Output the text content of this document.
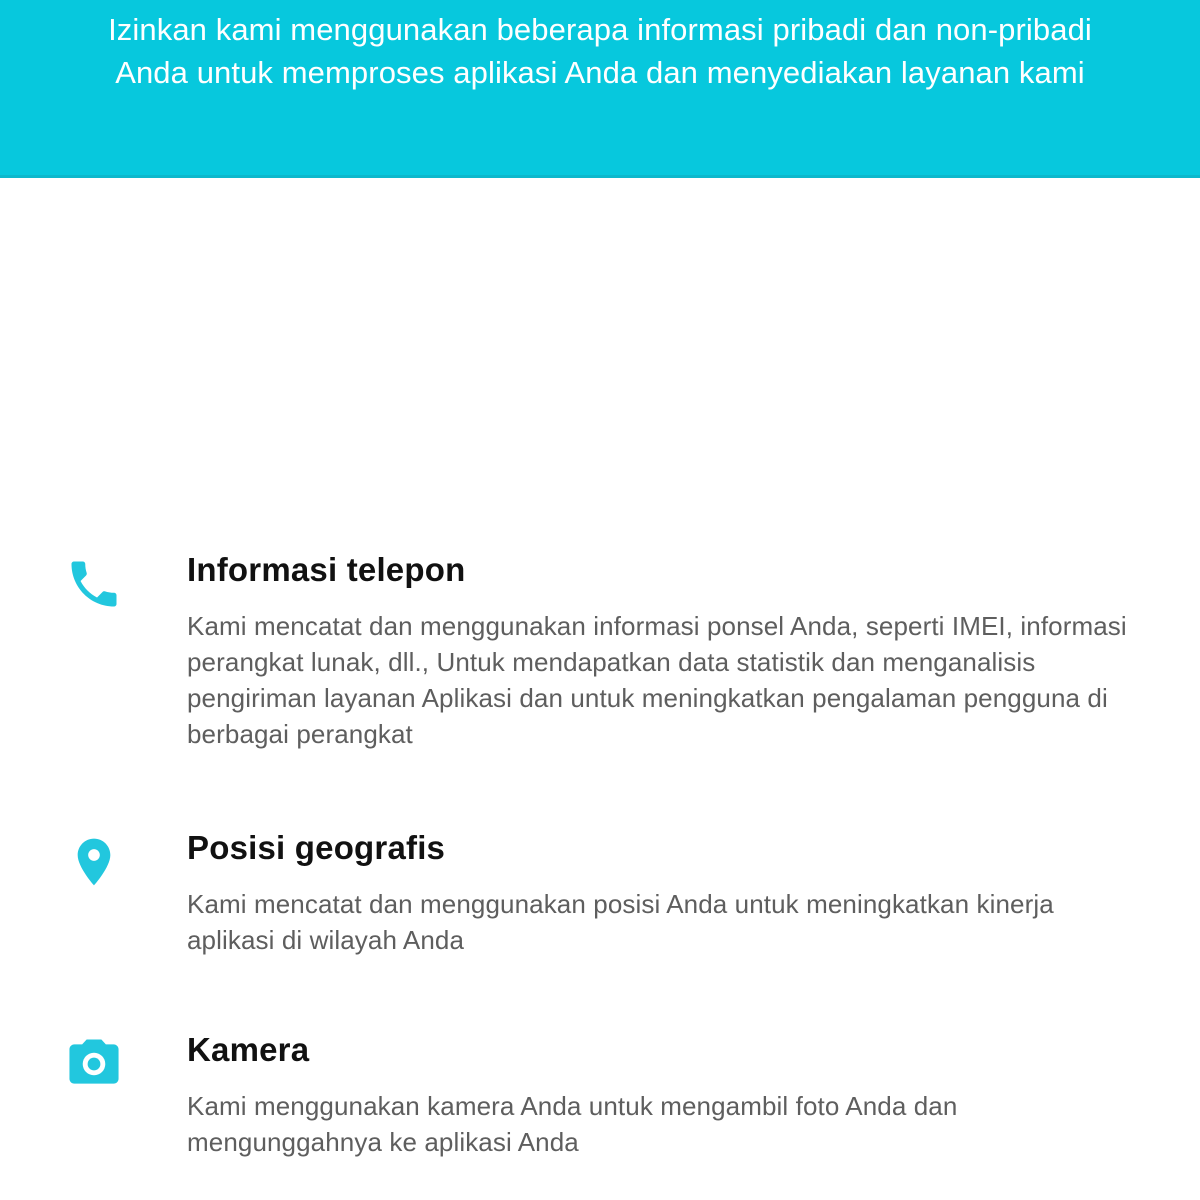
Izinkan kami menggunakan beberapa informasi pribadi dan non-pribadi Anda untuk memproses aplikasi Anda dan menyediakan layanan kami
Informasi telepon

Kami mencatat dan menggunakan informasi ponsel Anda, seperti IMEI, informasi perangkat lunak, dll., Untuk mendapatkan data statistik dan menganalisis pengiriman layanan Aplikasi dan untuk meningkatkan pengalaman pengguna di berbagai perangkat

Posisi geografis

Kami mencatat dan menggunakan posisi Anda untuk meningkatkan kinerja aplikasi di wilayah Anda

Kamera

Kami menggunakan kamera Anda untuk mengambil foto Anda dan mengunggahnya ke aplikasi Anda
